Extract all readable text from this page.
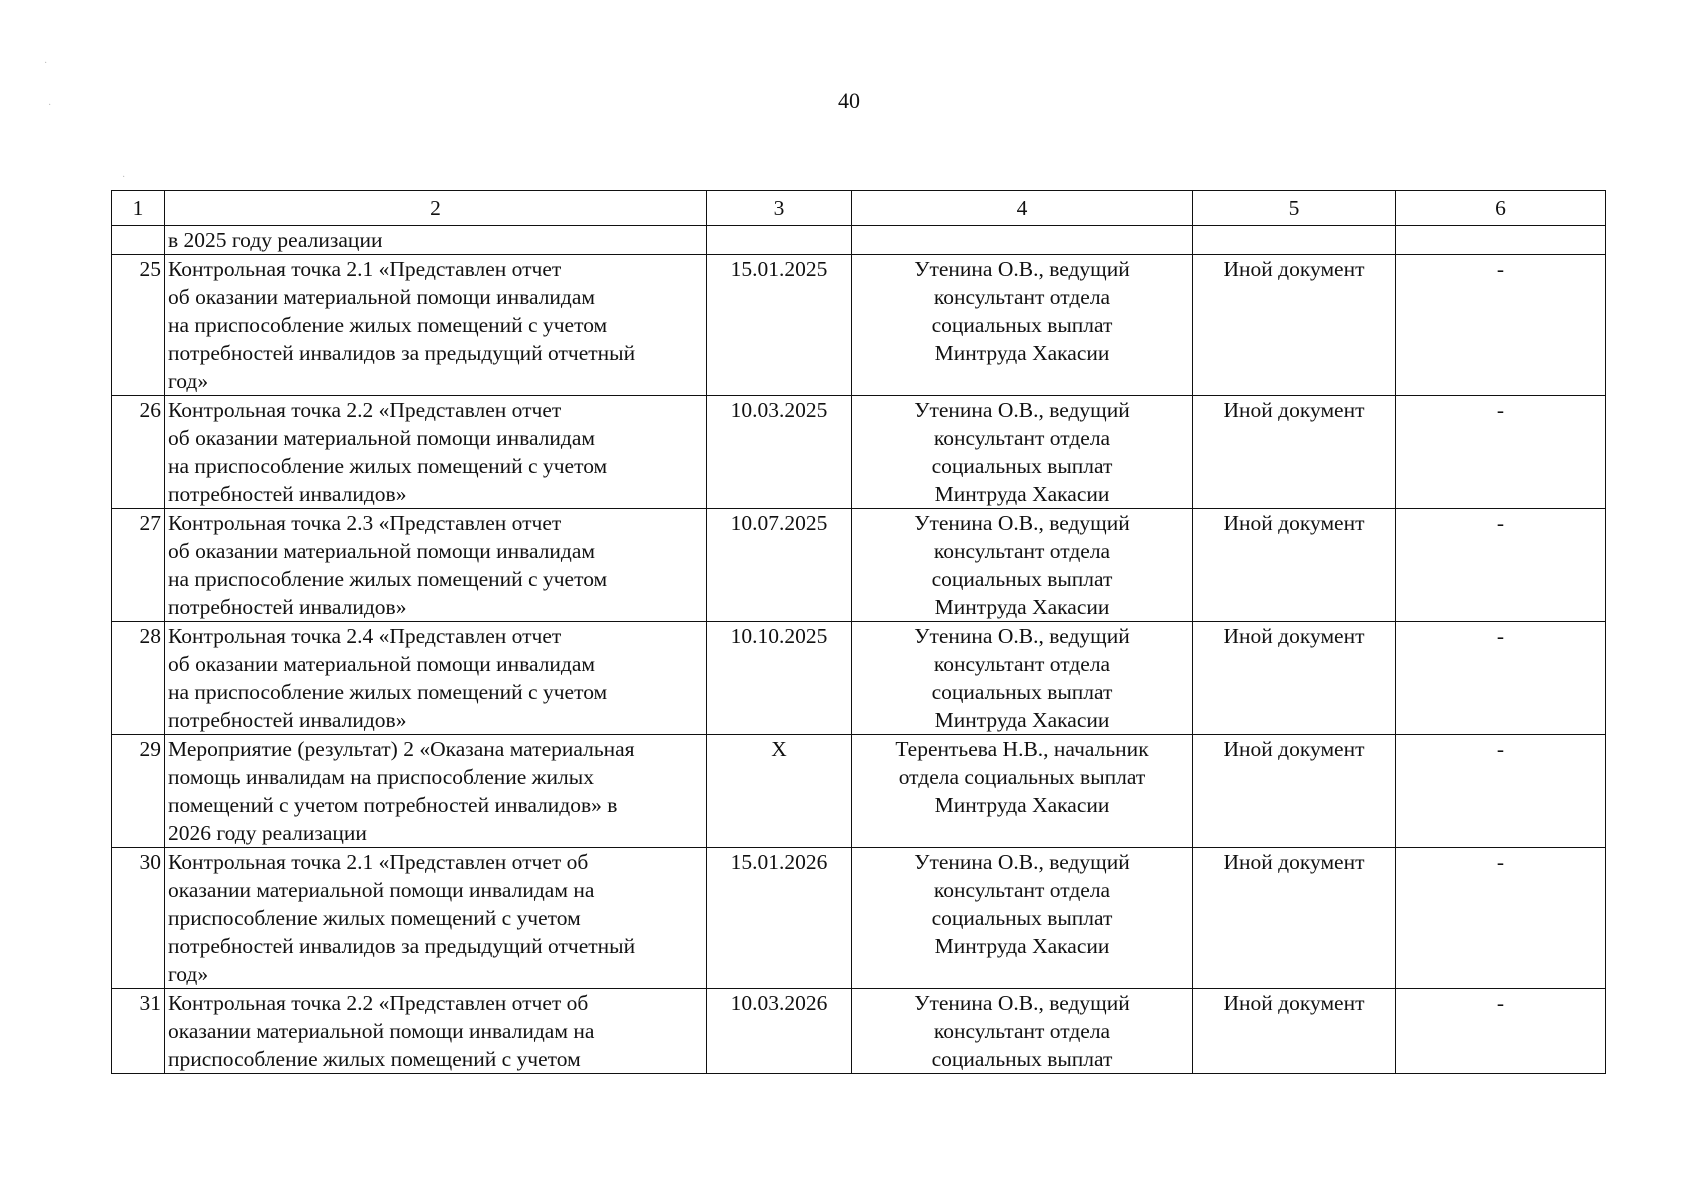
40
1	2	3	4	5	6

	в 2025 году реализации				

25	Контрольная точка 2.1 «Представлен отчет
об оказании материальной помощи инвалидам
на приспособление жилых помещений с учетом
потребностей инвалидов за предыдущий отчетный
год»	15.01.2025	Утенина О.В., ведущий
консультант отдела
социальных выплат
Минтруда Хакасии	Иной документ	-
26	Контрольная точка 2.2 «Представлен отчет
об оказании материальной помощи инвалидам
на приспособление жилых помещений с учетом
потребностей инвалидов»	10.03.2025	Утенина О.В., ведущий
консультант отдела
социальных выплат
Минтруда Хакасии	Иной документ	-
27	Контрольная точка 2.3 «Представлен отчет
об оказании материальной помощи инвалидам
на приспособление жилых помещений с учетом
потребностей инвалидов»	10.07.2025	Утенина О.В., ведущий
консультант отдела
социальных выплат
Минтруда Хакасии	Иной документ	-
28	Контрольная точка 2.4 «Представлен отчет
об оказании материальной помощи инвалидам
на приспособление жилых помещений с учетом
потребностей инвалидов»	10.10.2025	Утенина О.В., ведущий
консультант отдела
социальных выплат
Минтруда Хакасии	Иной документ	-
29	Мероприятие (результат) 2 «Оказана материальная
помощь инвалидам на приспособление жилых
помещений с учетом потребностей инвалидов» в
2026 году реализации	X	Терентьева Н.В., начальник
отдела социальных выплат
Минтруда Хакасии	Иной документ	-
30	Контрольная точка 2.1 «Представлен отчет об
оказании материальной помощи инвалидам на
приспособление жилых помещений с учетом
потребностей инвалидов за предыдущий отчетный
год»	15.01.2026	Утенина О.В., ведущий
консультант отдела
социальных выплат
Минтруда Хакасии	Иной документ	-
31	Контрольная точка 2.2 «Представлен отчет об
оказании материальной помощи инвалидам на
приспособление жилых помещений с учетом	10.03.2026	Утенина О.В., ведущий
консультант отдела
социальных выплат	Иной документ	-
·
·
·
